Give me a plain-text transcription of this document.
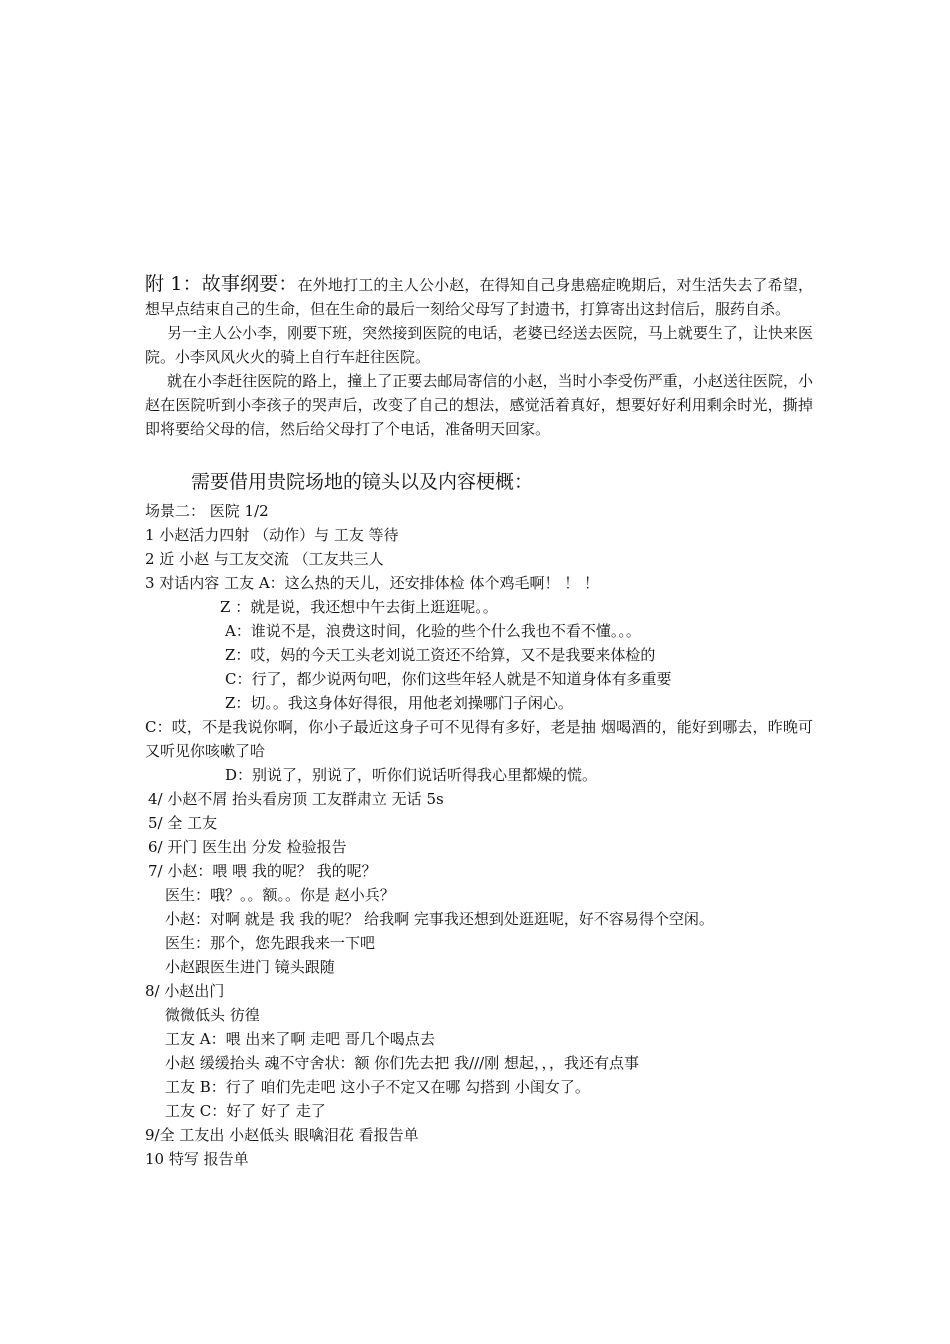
附 1：故事纲要：在外地打工的主人公小赵，在得知自己身患癌症晚期后，对生活失去了希望，想早点结束自己的生命，但在生命的最后一刻给父母写了封遗书，打算寄出这封信后，服药自杀。

另一主人公小李，刚要下班，突然接到医院的电话，老婆已经送去医院，马上就要生了，让快来医院。小李风风火火的骑上自行车赶往医院。

就在小李赶往医院的路上，撞上了正要去邮局寄信的小赵，当时小李受伤严重，小赵送往医院，小赵在医院听到小李孩子的哭声后，改变了自己的想法，感觉活着真好，想要好好利用剩余时光，撕掉即将要给父母的信，然后给父母打了个电话，准备明天回家。

需要借用贵院场地的镜头以及内容梗概：

场景二： 医院 1/2

1 小赵活力四射 （动作）与 工友 等待

2 近 小赵 与工友交流 （工友共三人

3 对话内容 工友 A：这么热的天儿，还安排体检 体个鸡毛啊！ ！ ！

Z ：就是说，我还想中午去街上逛逛呢。。

A：谁说不是，浪费这时间，化验的些个什么我也不看不懂。。。

Z：哎，妈的今天工头老刘说工资还不给算，又不是我要来体检的

C：行了，都少说两句吧，你们这些年轻人就是不知道身体有多重要

Z：切。。我这身体好得很，用他老刘操哪门子闲心。

C：哎，不是我说你啊，你小子最近这身子可不见得有多好，老是抽 烟喝酒的，能好到哪去，昨晚可又听见你咳嗽了哈

D：别说了，别说了，听你们说话听得我心里都燥的慌。

4/ 小赵不屑 抬头看房顶 工友群肃立 无话 5s

5/ 全 工友

6/ 开门 医生出 分发 检验报告

7/ 小赵：喂 喂 我的呢？ 我的呢？

医生：哦？。。额。。你是 赵小兵？

小赵：对啊 就是 我 我的呢？ 给我啊 完事我还想到处逛逛呢，好不容易得个空闲。

医生：那个，您先跟我来一下吧

小赵跟医生进门 镜头跟随

8/ 小赵出门

微微低头 彷徨

工友 A：喂 出来了啊 走吧 哥几个喝点去

小赵 缓缓抬头 魂不守舍状：额 你们先去把 我///刚 想起，，，我还有点事

工友 B：行了 咱们先走吧 这小子不定又在哪 勾搭到 小闺女了。

工友 C：好了 好了 走了

9/全 工友出 小赵低头 眼噙泪花 看报告单

10 特写 报告单
